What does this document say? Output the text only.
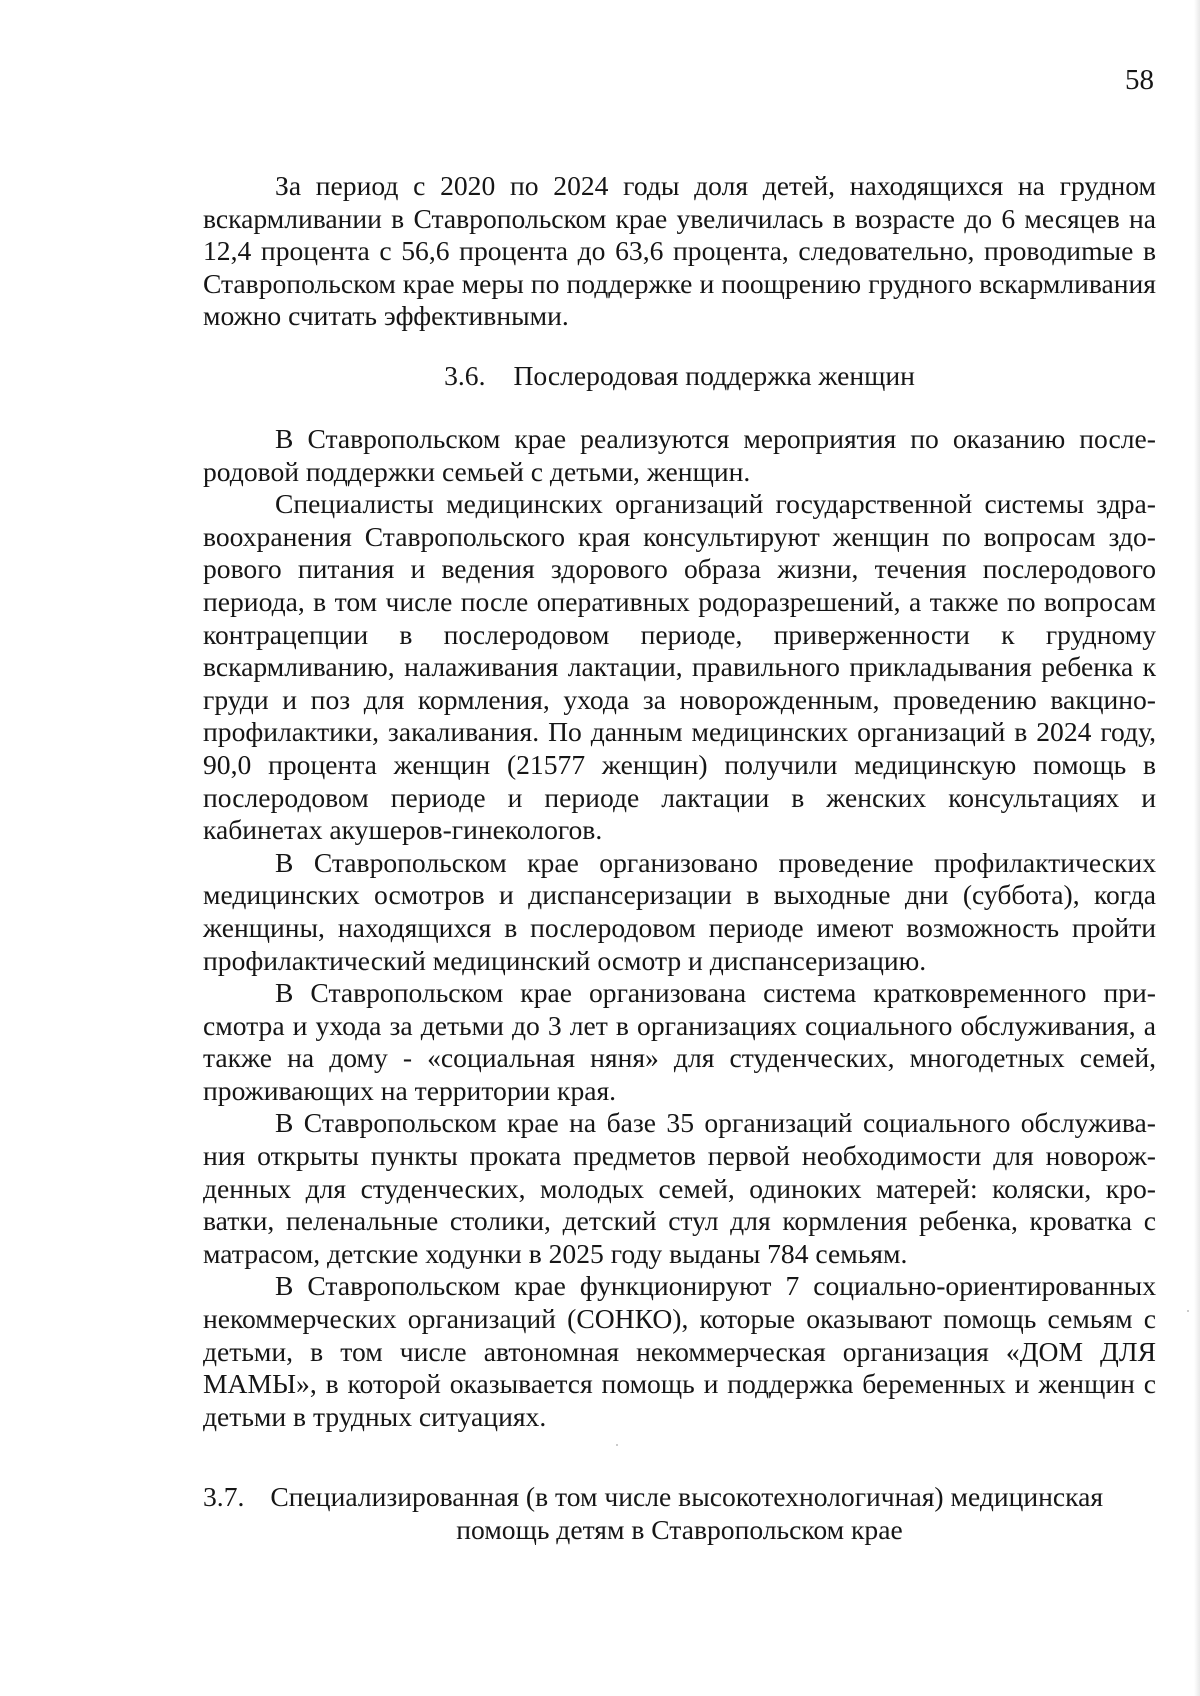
58

За период с 2020 по 2024 годы доля детей, находящихся на грудном вскармливании в Ставропольском крае увеличилась в возрасте до 6 месяцев на 12,4 процента с 56,6 процента до 63,6 процента, следовательно, проводиmые в Ставропольском крае меры по поддержке и поощрению грудного вскармливания можно считать эффективными.

3.6. Послеродовая поддержка женщин

В Ставропольском крае реализуются мероприятия по оказанию послеродовой поддержки семьей с детьми, женщин.

Специалисты медицинских организаций государственной системы здравоохранения Ставропольского края консультируют женщин по вопросам здорового питания и ведения здорового образа жизни, течения послеродового периода, в том числе после оперативных родоразрешений, а также по вопросам контрацепции в послеродовом периоде, приверженности к грудному вскармливанию, налаживания лактации, правильного прикладывания ребенка к груди и поз для кормления, ухода за новорожденным, проведению вакцинопрофилактики, закаливания. По данным медицинских организаций в 2024 году, 90,0 процента женщин (21577 женщин) получили медицинскую помощь в послеродовом периоде и периоде лактации в женских консультациях и кабинетах акушеров-гинекологов.

В Ставропольском крае организовано проведение профилактических медицинских осмотров и диспансеризации в выходные дни (суббота), когда женщины, находящихся в послеродовом периоде имеют возможность пройти профилактический медицинский осмотр и диспансеризацию.

В Ставропольском крае организована система кратковременного присмотра и ухода за детьми до 3 лет в организациях социального обслуживания, а также на дому - «социальная няня» для студенческих, многодетных семей, проживающих на территории края.

В Ставропольском крае на базе 35 организаций социального обслуживания открыты пункты проката предметов первой необходимости для новорожденных для студенческих, молодых семей, одиноких матерей: коляски, кроватки, пеленальные столики, детский стул для кормления ребенка, кроватка с матрасом, детские ходунки в 2025 году выданы 784 семьям.

В Ставропольском крае функционируют 7 социально-ориентированных некоммерческих организаций (СОНКО), которые оказывают помощь семьям с детьми, в том числе автономная некоммерческая организация «ДОМ ДЛЯ МАМЫ», в которой оказывается помощь и поддержка беременных и женщин с детьми в трудных ситуациях.

3.7. Специализированная (в том числе высокотехнологичная) медицинская
помощь детям в Ставропольском крае
